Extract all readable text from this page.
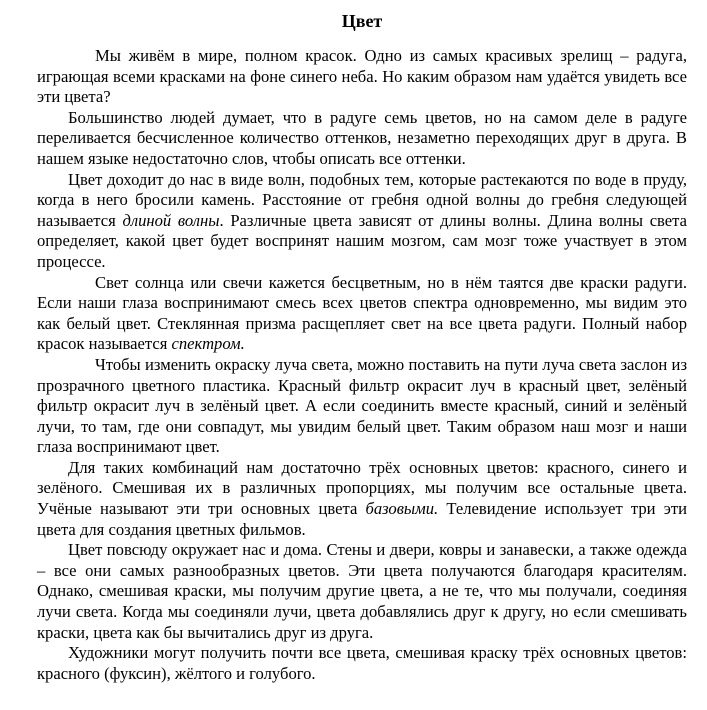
Цвет

Мы живём в мире, полном красок. Одно из самых красивых зрелищ – радуга, играющая всеми красками на фоне синего неба. Но каким образом нам удаётся увидеть все эти цвета?

Большинство людей думает, что в радуге семь цветов, но на самом деле в радуге переливается бесчисленное количество оттенков, незаметно переходящих друг в друга. В нашем языке недостаточно слов, чтобы описать все оттенки.

Цвет доходит до нас в виде волн, подобных тем, которые растекаются по воде в пруду, когда в него бросили камень. Расстояние от гребня одной волны до гребня следующей называется длиной волны. Различные цвета зависят от длины волны. Длина волны света определяет, какой цвет будет воспринят нашим мозгом, сам мозг тоже участвует в этом процессе.

Свет солнца или свечи кажется бесцветным, но в нём таятся две краски радуги. Если наши глаза воспринимают смесь всех цветов спектра одновременно, мы видим это как белый цвет. Стеклянная призма расщепляет свет на все цвета радуги. Полный набор красок называется спектром.

Чтобы изменить окраску луча света, можно поставить на пути луча света заслон из прозрачного цветного пластика. Красный фильтр окрасит луч в красный цвет, зелёный фильтр окрасит луч в зелёный цвет. А если соединить вместе красный, синий и зелёный лучи, то там, где они совпадут, мы увидим белый цвет. Таким образом наш мозг и наши глаза воспринимают цвет.

Для таких комбинаций нам достаточно трёх основных цветов: красного, синего и зелёного. Смешивая их в различных пропорциях, мы получим все остальные цвета. Учёные называют эти три основных цвета базовыми. Телевидение использует три эти цвета для создания цветных фильмов.

Цвет повсюду окружает нас и дома. Стены и двери, ковры и занавески, а также одежда – все они самых разнообразных цветов. Эти цвета получаются благодаря красителям. Однако, смешивая краски, мы получим другие цвета, а не те, что мы получали, соединяя лучи света. Когда мы соединяли лучи, цвета добавлялись друг к другу, но если смешивать краски, цвета как бы вычитались друг из друга.

Художники могут получить почти все цвета, смешивая краску трёх основных цветов: красного (фуксин), жёлтого и голубого.
